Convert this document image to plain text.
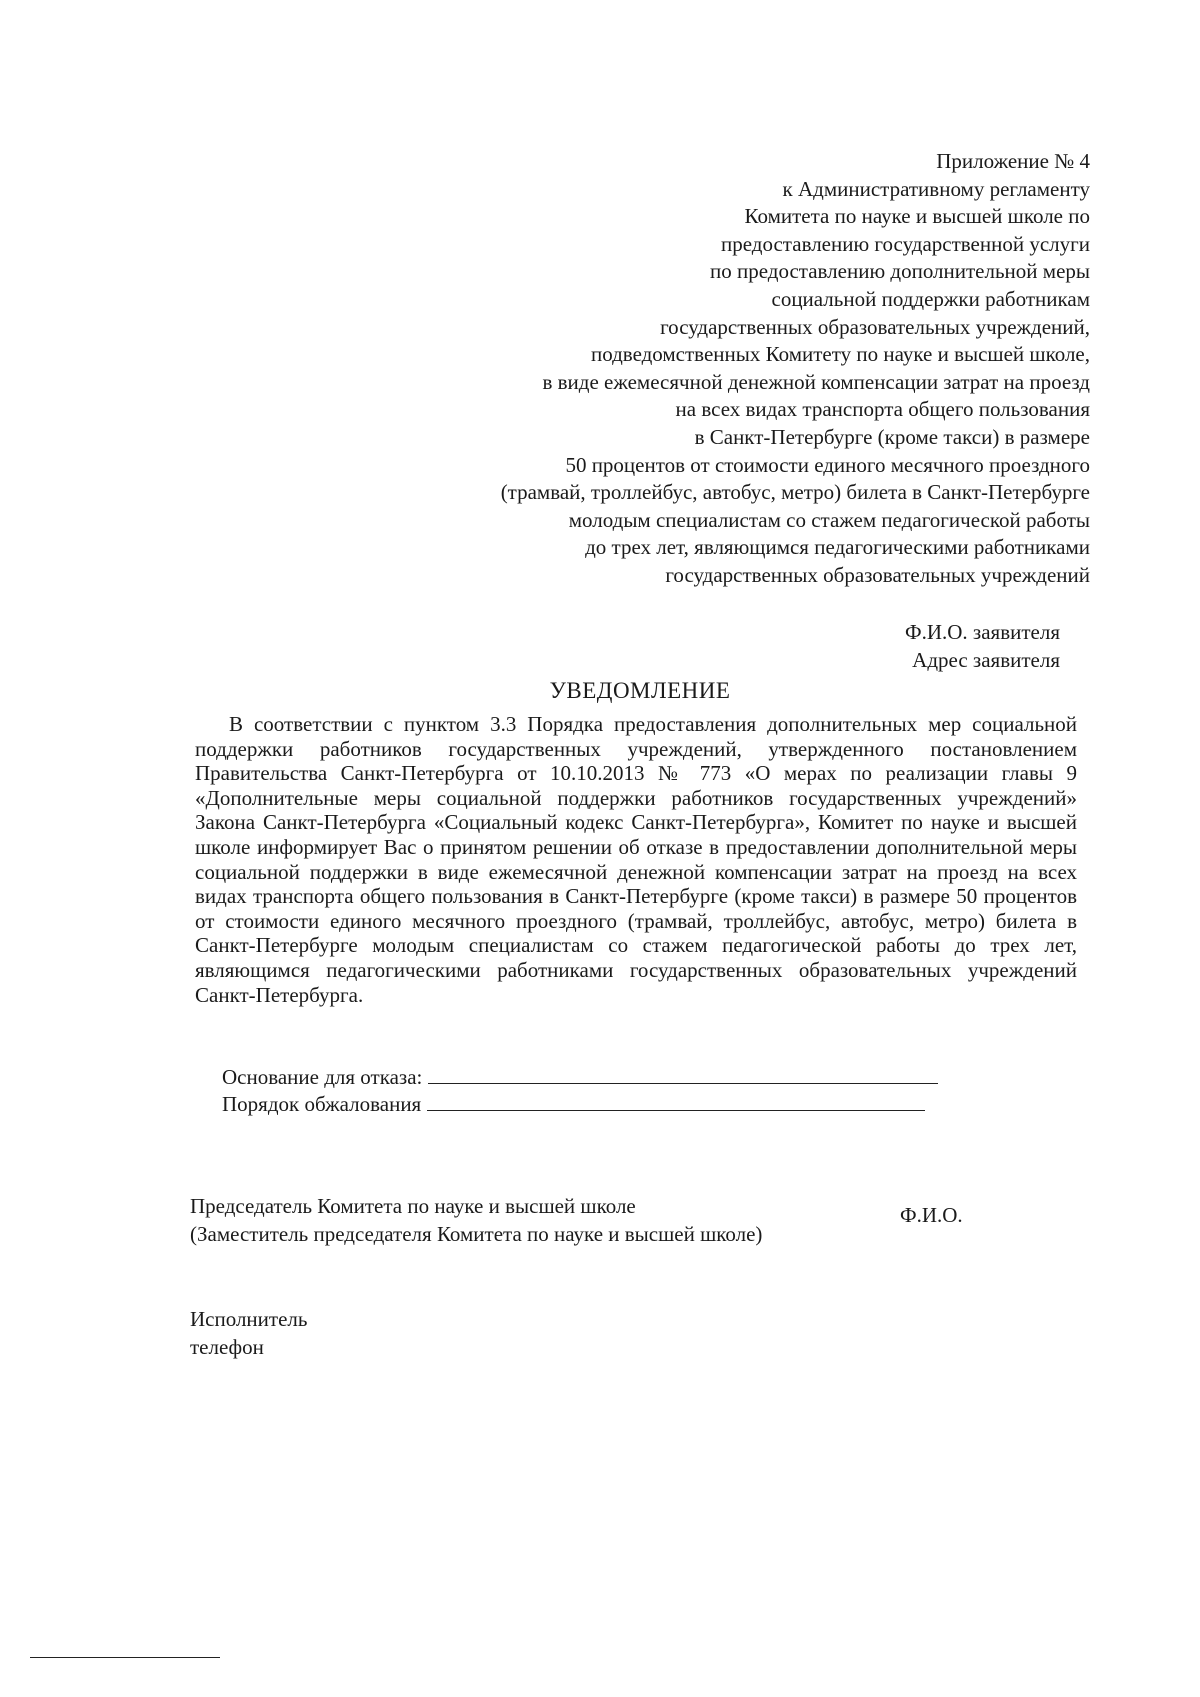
Приложение № 4
к Административному регламенту
Комитета по науке и высшей школе по
предоставлению государственной услуги
по предоставлению дополнительной меры
социальной поддержки работникам
государственных образовательных учреждений,
подведомственных Комитету по науке и высшей школе,
в виде ежемесячной денежной компенсации затрат на проезд
на всех видах транспорта общего пользования
в Санкт-Петербурге (кроме такси) в размере
50 процентов от стоимости единого месячного проездного
(трамвай, троллейбус, автобус, метро) билета в Санкт-Петербурге
молодым специалистам со стажем педагогической работы
до трех лет, являющимся педагогическими работниками
государственных образовательных учреждений
Ф.И.О. заявителя
Адрес заявителя
УВЕДОМЛЕНИЕ

В соответствии с пунктом 3.3 Порядка предоставления дополнительных мер социальной поддержки работников государственных учреждений, утвержденного постановлением Правительства Санкт-Петербурга от 10.10.2013 № 773 «О мерах по реализации главы 9 «Дополнительные меры социальной поддержки работников государственных учреждений» Закона Санкт-Петербурга «Социальный кодекс Санкт-Петербурга», Комитет по науке и высшей школе информирует Вас о принятом решении об отказе в предоставлении дополнительной меры социальной поддержки в виде ежемесячной денежной компенсации затрат на проезд на всех видах транспорта общего пользования в Санкт-Петербурге (кроме такси) в размере 50 процентов от стоимости единого месячного проездного (трамвай, троллейбус, автобус, метро) билета в Санкт-Петербурге молодым специалистам со стажем педагогической работы до трех лет, являющимся педагогическими работниками государственных образовательных учреждений Санкт-Петербурга.

Основание для отказа:
Порядок обжалования
Председатель Комитета по науке и высшей школе
(Заместитель председателя Комитета по науке и высшей школе)
Ф.И.О.
Исполнитель
телефон
